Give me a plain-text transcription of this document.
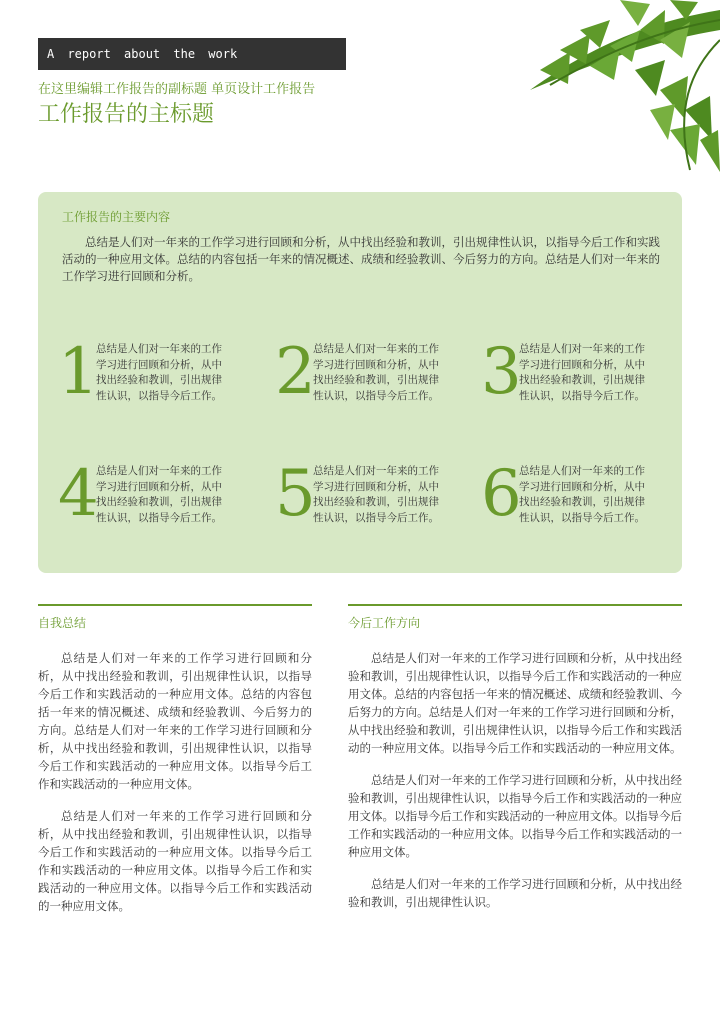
A report about the work
在这里编辑工作报告的副标题 单页设计工作报告
工作报告的主标题
工作报告的主要内容

总结是人们对一年来的工作学习进行回顾和分析，从中找出经验和教训，引出规律性认识，以指导今后工作和实践活动的一种应用文体。总结的内容包括一年来的情况概述、成绩和经验教训、今后努力的方向。总结是人们对一年来的工作学习进行回顾和分析。

1
总结是人们对一年来的工作学习进行回顾和分析，从中找出经验和教训，引出规律性认识，以指导今后工作。 2
总结是人们对一年来的工作学习进行回顾和分析，从中找出经验和教训，引出规律性认识，以指导今后工作。 3
总结是人们对一年来的工作学习进行回顾和分析，从中找出经验和教训，引出规律性认识，以指导今后工作。
4
总结是人们对一年来的工作学习进行回顾和分析，从中找出经验和教训，引出规律性认识，以指导今后工作。 5
总结是人们对一年来的工作学习进行回顾和分析，从中找出经验和教训，引出规律性认识，以指导今后工作。 6
总结是人们对一年来的工作学习进行回顾和分析，从中找出经验和教训，引出规律性认识，以指导今后工作。
自我总结

总结是人们对一年来的工作学习进行回顾和分析，从中找出经验和教训，引出规律性认识，以指导今后工作和实践活动的一种应用文体。总结的内容包括一年来的情况概述、成绩和经验教训、今后努力的方向。总结是人们对一年来的工作学习进行回顾和分析，从中找出经验和教训，引出规律性认识，以指导今后工作和实践活动的一种应用文体。以指导今后工作和实践活动的一种应用文体。

总结是人们对一年来的工作学习进行回顾和分析，从中找出经验和教训，引出规律性认识，以指导今后工作和实践活动的一种应用文体。以指导今后工作和实践活动的一种应用文体。以指导今后工作和实践活动的一种应用文体。以指导今后工作和实践活动的一种应用文体。

今后工作方向

总结是人们对一年来的工作学习进行回顾和分析，从中找出经验和教训，引出规律性认识，以指导今后工作和实践活动的一种应用文体。总结的内容包括一年来的情况概述、成绩和经验教训、今后努力的方向。总结是人们对一年来的工作学习进行回顾和分析，从中找出经验和教训，引出规律性认识，以指导今后工作和实践活动的一种应用文体。以指导今后工作和实践活动的一种应用文体。

总结是人们对一年来的工作学习进行回顾和分析，从中找出经验和教训，引出规律性认识，以指导今后工作和实践活动的一种应用文体。以指导今后工作和实践活动的一种应用文体。以指导今后工作和实践活动的一种应用文体。以指导今后工作和实践活动的一种应用文体。

总结是人们对一年来的工作学习进行回顾和分析，从中找出经验和教训，引出规律性认识。
